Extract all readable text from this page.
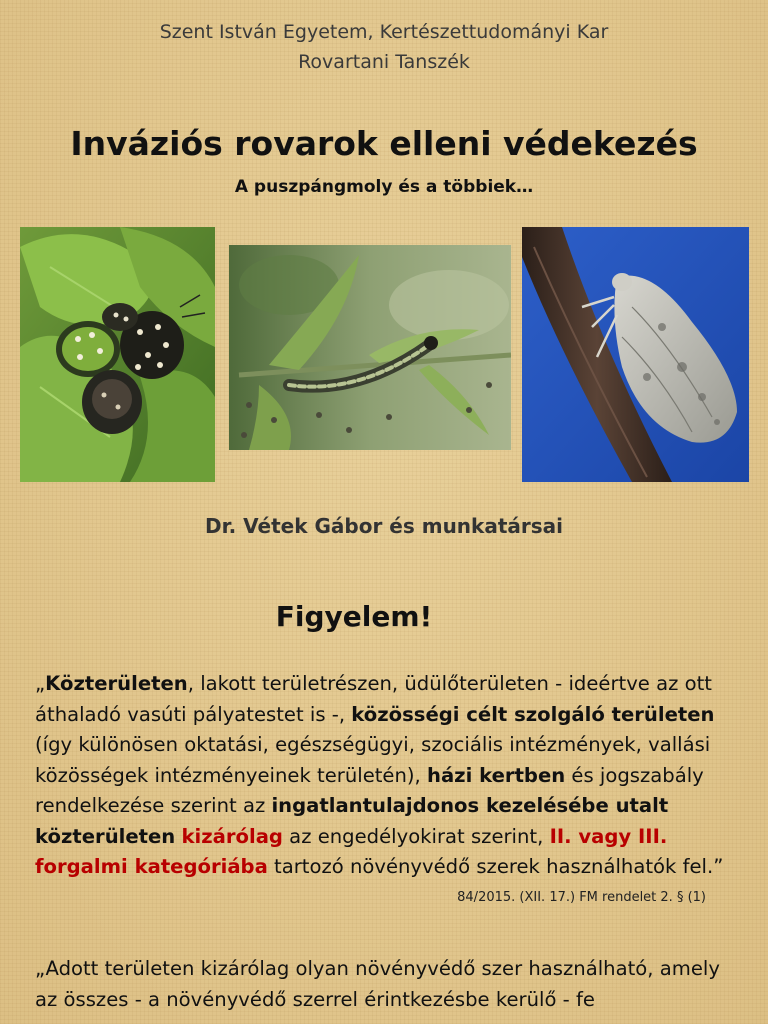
Szent István Egyetem, Kertészettudományi Kar
Rovartani Tanszék
Inváziós rovarok elleni védekezés
A puszpángmoly és a többiek…
Dr. Vétek Gábor és munkatársai
Figyelem!
„Közterületen, lakott területrészen, üdülőterületen - ideértve az ott áthaladó vasúti pályatestet is -, közösségi célt szolgáló területen (így különösen oktatási, egészségügyi, szociális intézmények, vallási közösségek intézményeinek területén), házi kertben és jogszabály rendelkezése szerint az ingatlantulajdonos kezelésébe utalt közterületen kizárólag az engedélyokirat szerint, II. vagy III. forgalmi kategóriába tartozó növényvédő szerek használhatók fel.”
84/2015. (XII. 17.) FM rendelet 2. § (1)
„Adott területen kizárólag olyan növényvédő szer használható, amely az összes - a növényvédő szerrel érintkezésbe kerülő - fe
